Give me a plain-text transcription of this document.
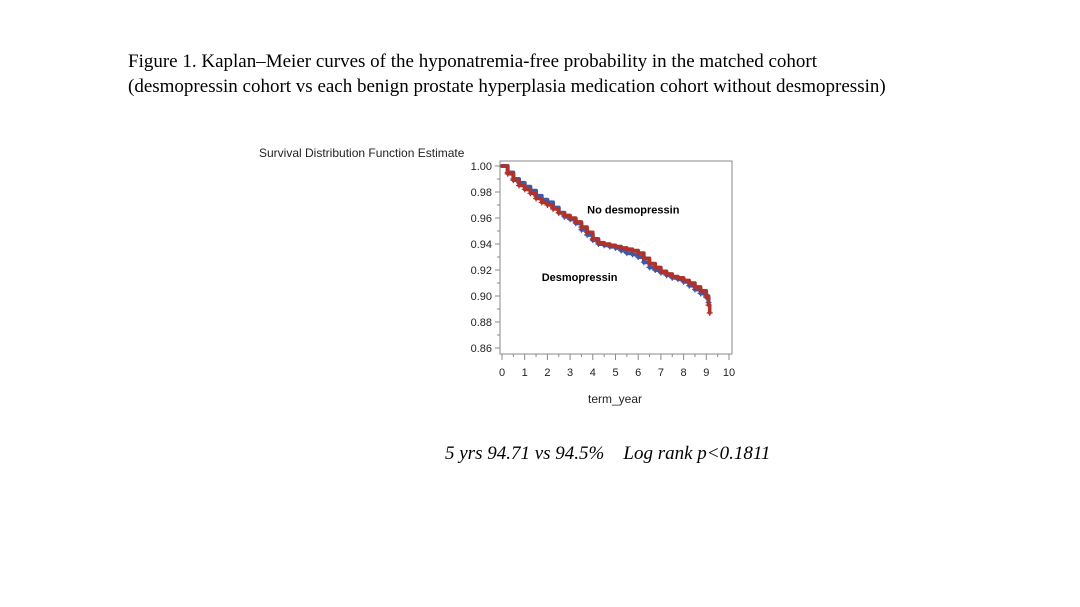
Figure 1. Kaplan–Meier curves of the hyponatremia-free probability in the matched cohort
(desmopressin cohort vs each benign prostate hyperplasia medication cohort without desmopressin)
Survival Distribution Function Estimate
0.86
0.88
0.90
0.92
0.94
0.96
0.98
1.00
0 1 2 3 4 5 6 7 8 9 10
No desmopressin
Desmopressin
term_year
5 yrs 94.71 vs 94.5%    Log rank p<0.1811
